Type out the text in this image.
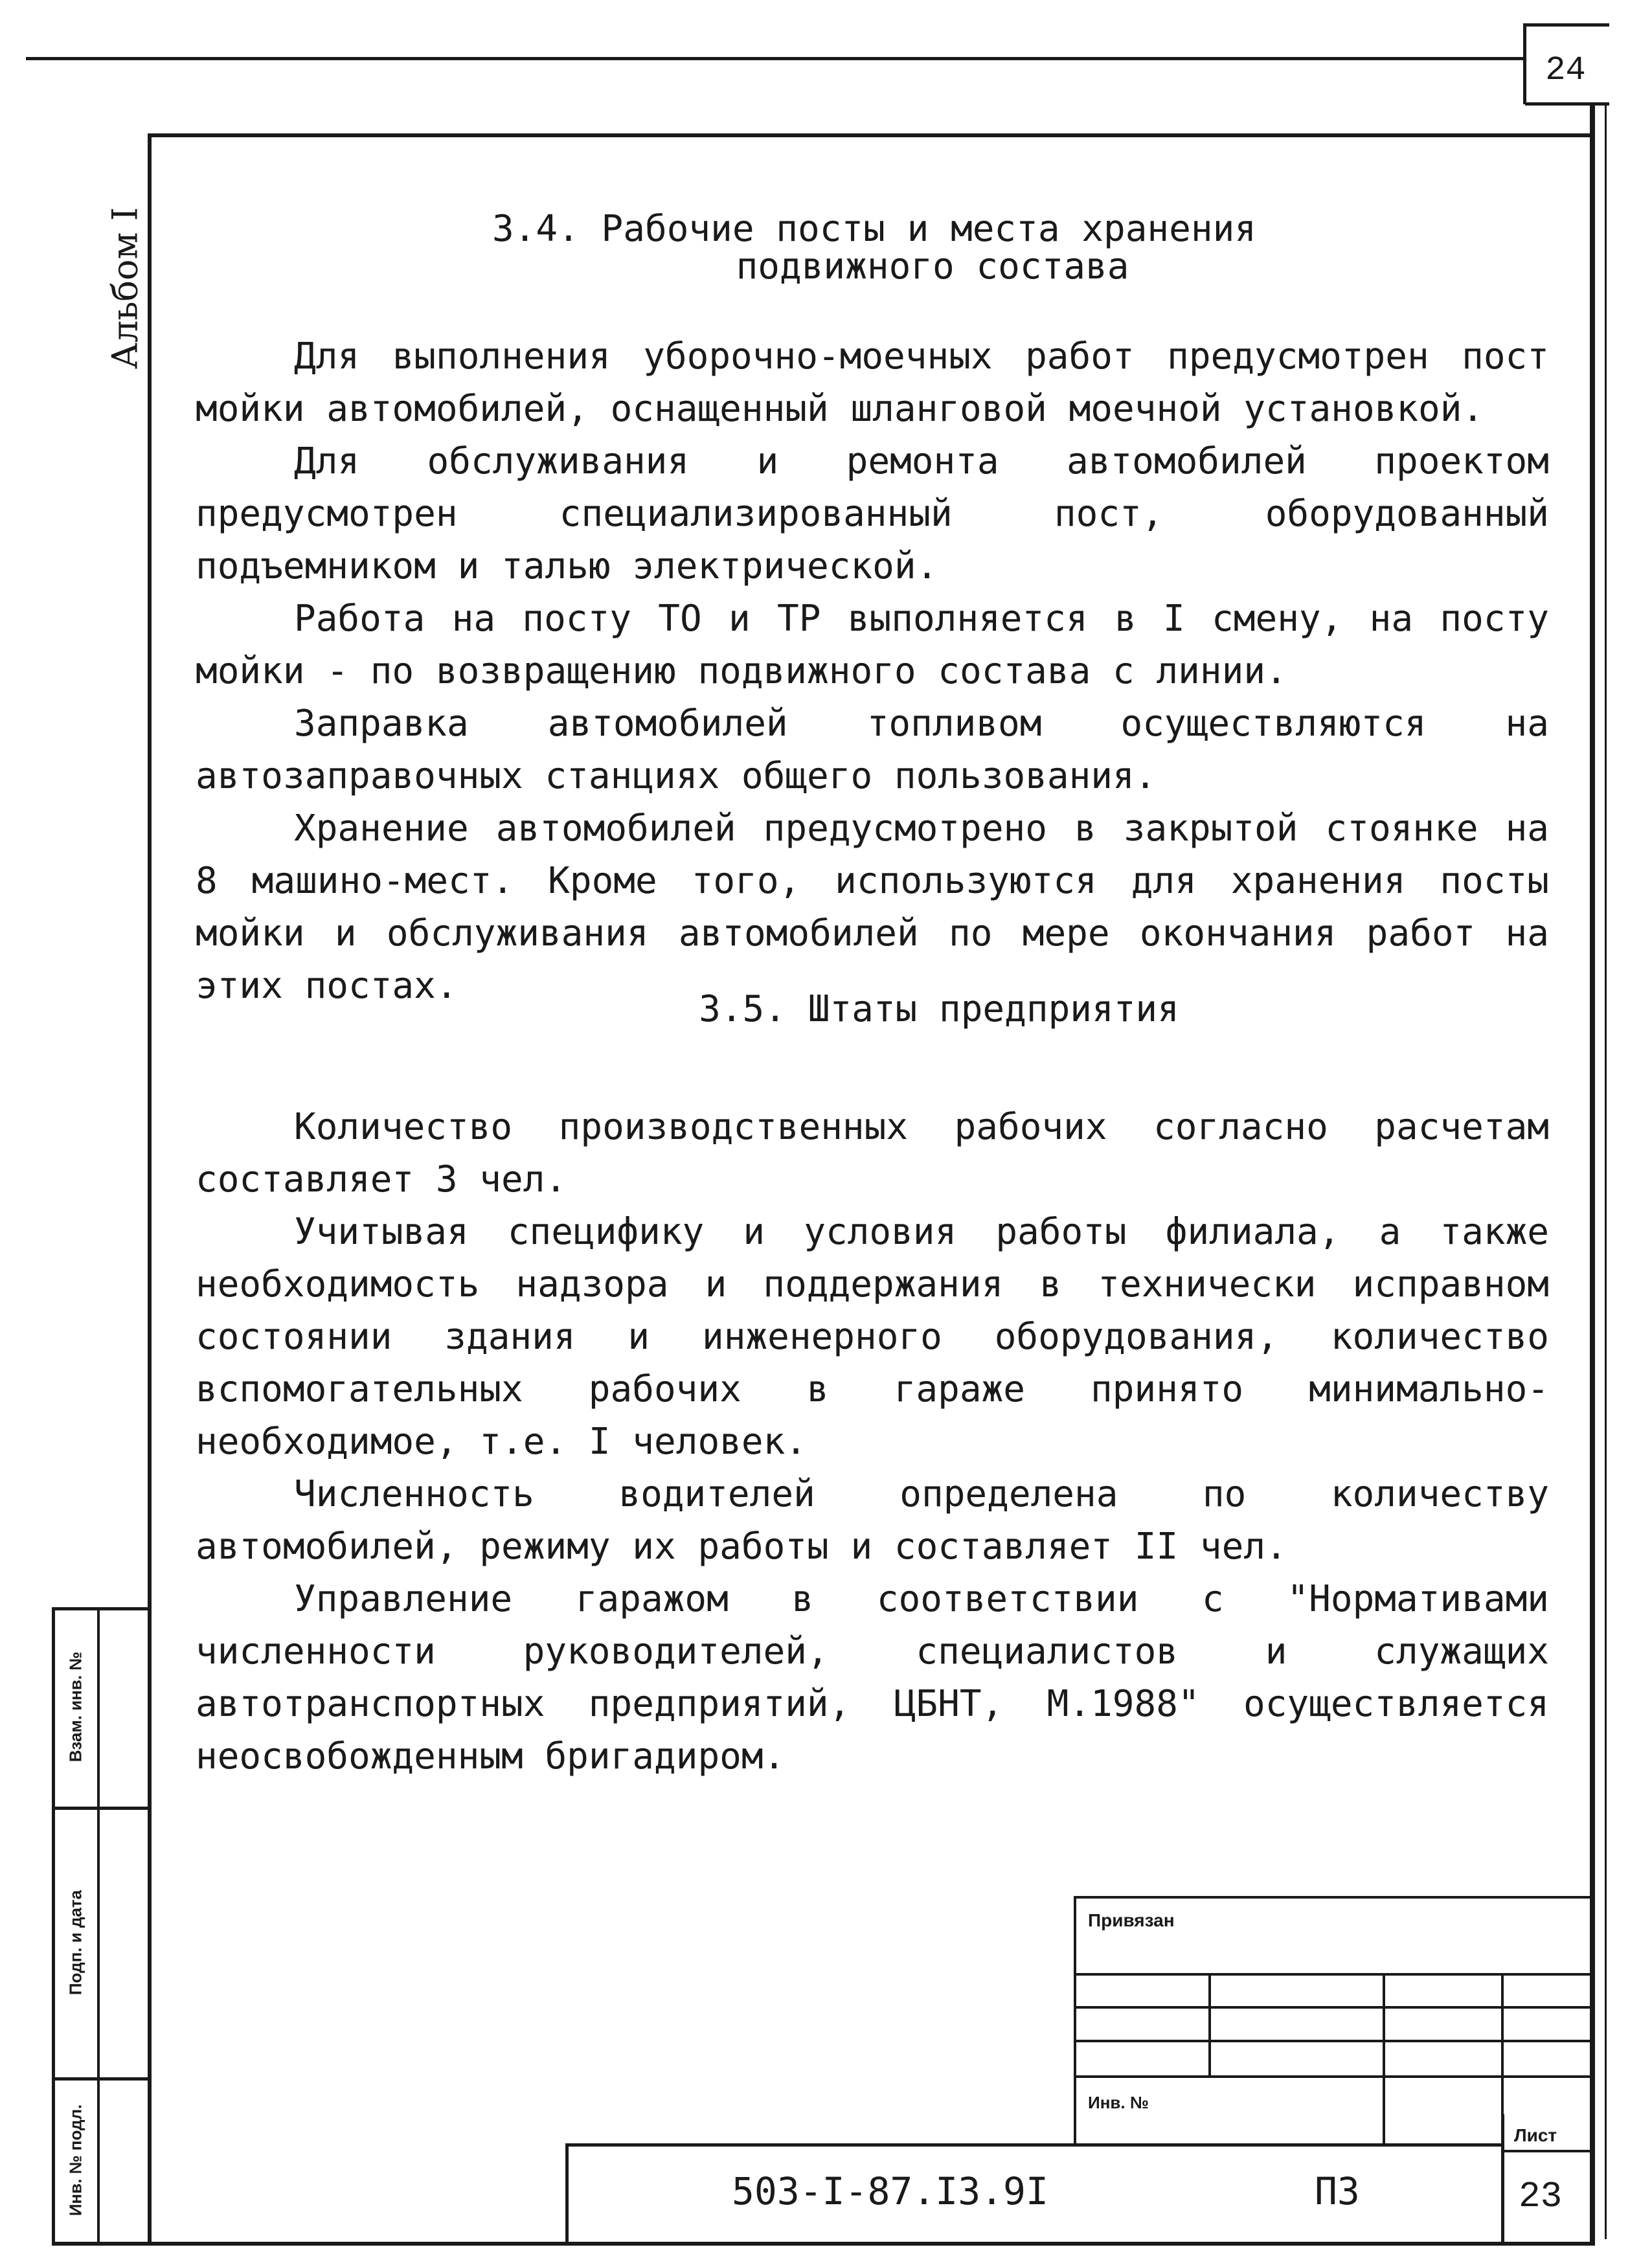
24
Альбом I	3.4. Рабочие посты и места хранения
подвижного состава

Для выполнения уборочно-моечных работ предусмотрен пост мойки автомобилей, оснащенный шланговой моечной установкой.

Для обслуживания и ремонта автомобилей проектом предусмотрен специализированный пост, оборудованный подъемником и талью электрической.

Работа на посту ТО и ТР выполняется в I смену, на посту мойки - по возвращению подвижного состава с линии.

Заправка автомобилей топливом осуществляются на автозаправочных станциях общего пользования.

Хранение автомобилей предусмотрено в закрытой стоянке на 8 машино-мест. Кроме того, используются для хранения посты мойки и обслуживания автомобилей по мере окончания работ на этих постах.

3.5. Штаты предприятия

Количество производственных рабочих согласно расчетам составляет 3 чел.

Учитывая специфику и условия работы филиала, а также необходимость надзора и поддержания в технически исправном состоянии здания и инженерного оборудования, количество вспомогательных рабочих в гараже принято минимально-необходимое, т.е. I человек.

Численность водителей определена по количеству автомобилей, режиму их работы и составляет II чел.

Управление гаражом в соответствии с "Нормативами численности руководителей, специалистов и служащих автотранспортных предприятий, ЦБНТ, М.1988" осуществляется неосвобожденным бригадиром.

Взам. инв. №
Подп. и дата
Инв. № подл.
Привязан
Инв. №
Лист
503-I-87.I3.9I	ПЗ	23
